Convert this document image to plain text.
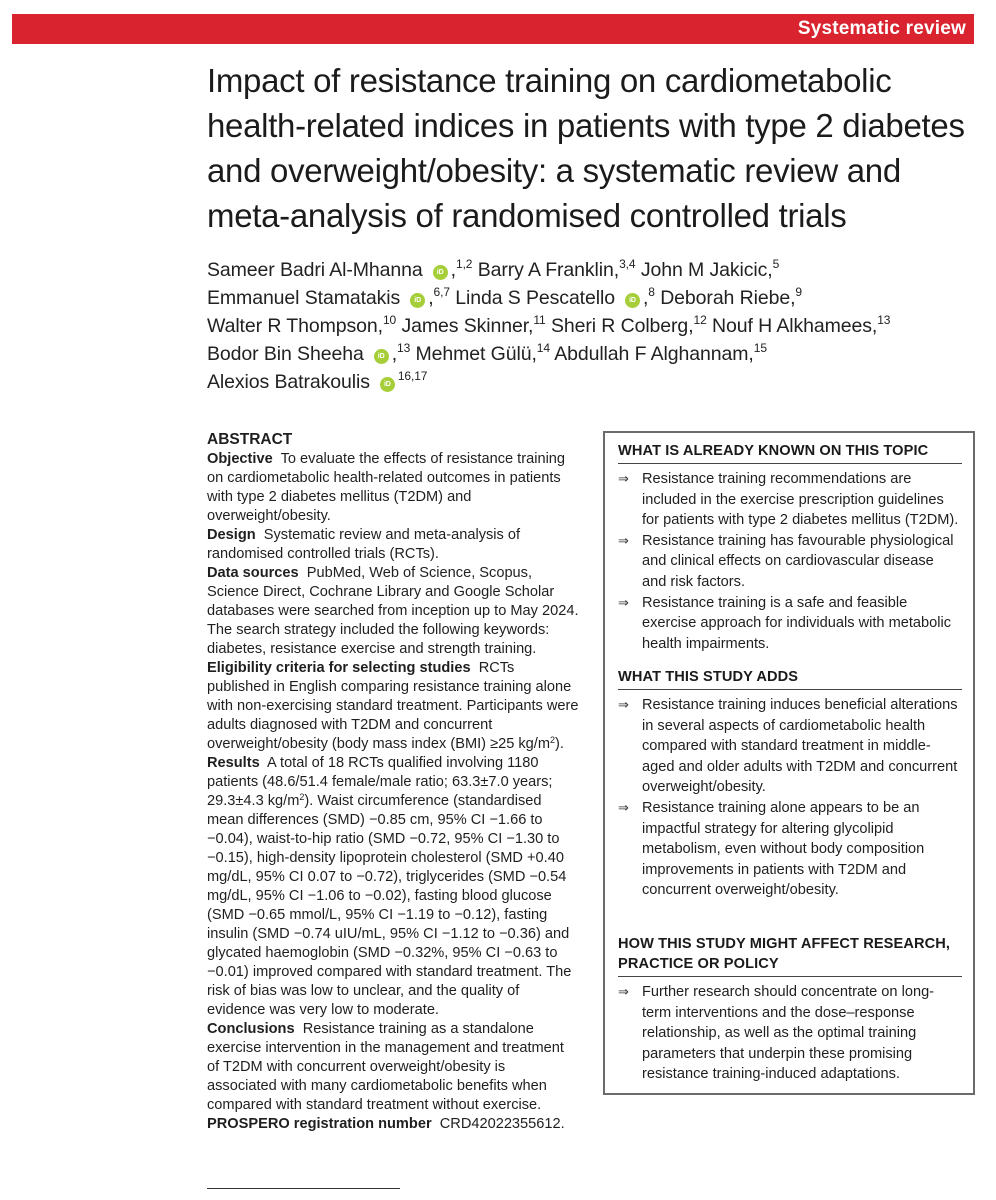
Systematic review
Impact of resistance training on cardiometabolic health-related indices in patients with type 2 diabetes and overweight/obesity: a systematic review and meta-analysis of randomised controlled trials
Sameer Badri Al-Mhanna iD ,$^{1,2}$ Barry A Franklin,$^{3,4}$ John M Jakicic,$^5$ Emmanuel Stamatakis iD ,$^{6,7}$ Linda S Pescatello iD ,$^8$ Deborah Riebe,$^9$ Walter R Thompson,$^{10}$ James Skinner,$^{11}$ Sheri R Colberg,$^{12}$ Nouf H Alkhamees,$^{13}$ Bodor Bin Sheeha iD ,$^{13}$ Mehmet Gülü,$^{14}$ Abdullah F Alghannam,$^{15}$ Alexios Batrakoulis iD$^{16,17}$

ABSTRACT

Objective To evaluate the effects of resistance training on cardiometabolic health-related outcomes in patients with type 2 diabetes mellitus (T2DM) and overweight/obesity.

Design Systematic review and meta-analysis of randomised controlled trials (RCTs).

Data sources PubMed, Web of Science, Scopus, Science Direct, Cochrane Library and Google Scholar databases were searched from inception up to May 2024. The search strategy included the following keywords: diabetes, resistance exercise and strength training.

Eligibility criteria for selecting studies RCTs published in English comparing resistance training alone with non-exercising standard treatment. Participants were adults diagnosed with T2DM and concurrent overweight/obesity (body mass index (BMI) ≥25 $kg/m^2$).

Results A total of 18 RCTs qualified involving 1180 patients (48.6/51.4 female/male ratio; 63.3±7.0 years; 29.3±4.3 $kg/m^2$). Waist circumference (standardised mean differences (SMD) −0.85 cm, 95% CI −1.66 to −0.04), waist-to-hip ratio (SMD −0.72, 95% CI −1.30 to −0.15), high-density lipoprotein cholesterol (SMD +0.40 mg/dL, 95% CI 0.07 to −0.72), triglycerides (SMD −0.54 mg/dL, 95% CI −1.06 to −0.02), fasting blood glucose (SMD −0.65 mmol/L, 95% CI −1.19 to −0.12), fasting insulin (SMD −0.74 uIU/mL, 95% CI −1.12 to −0.36) and glycated haemoglobin (SMD −0.32%, 95% CI −0.63 to −0.01) improved compared with standard treatment. The risk of bias was low to unclear, and the quality of evidence was very low to moderate.

Conclusions Resistance training as a standalone exercise intervention in the management and treatment of T2DM with concurrent overweight/obesity is associated with many cardiometabolic benefits when compared with standard treatment without exercise.

PROSPERO registration number CRD42022355612.

WHAT IS ALREADY KNOWN ON THIS TOPIC
⇒ Resistance training recommendations are included in the exercise prescription guidelines for patients with type 2 diabetes mellitus (T2DM).
⇒ Resistance training has favourable physiological and clinical effects on cardiovascular disease and risk factors.
⇒ Resistance training is a safe and feasible exercise approach for individuals with metabolic health impairments.
WHAT THIS STUDY ADDS
⇒ Resistance training induces beneficial alterations in several aspects of cardiometabolic health compared with standard treatment in middle-aged and older adults with T2DM and concurrent overweight/obesity.
⇒ Resistance training alone appears to be an impactful strategy for altering glycolipid metabolism, even without body composition improvements in patients with T2DM and concurrent overweight/obesity.
HOW THIS STUDY MIGHT AFFECT RESEARCH, PRACTICE OR POLICY
⇒ Further research should concentrate on long-term interventions and the dose–response relationship, as well as the optimal training parameters that underpin these promising resistance training-induced adaptations.
